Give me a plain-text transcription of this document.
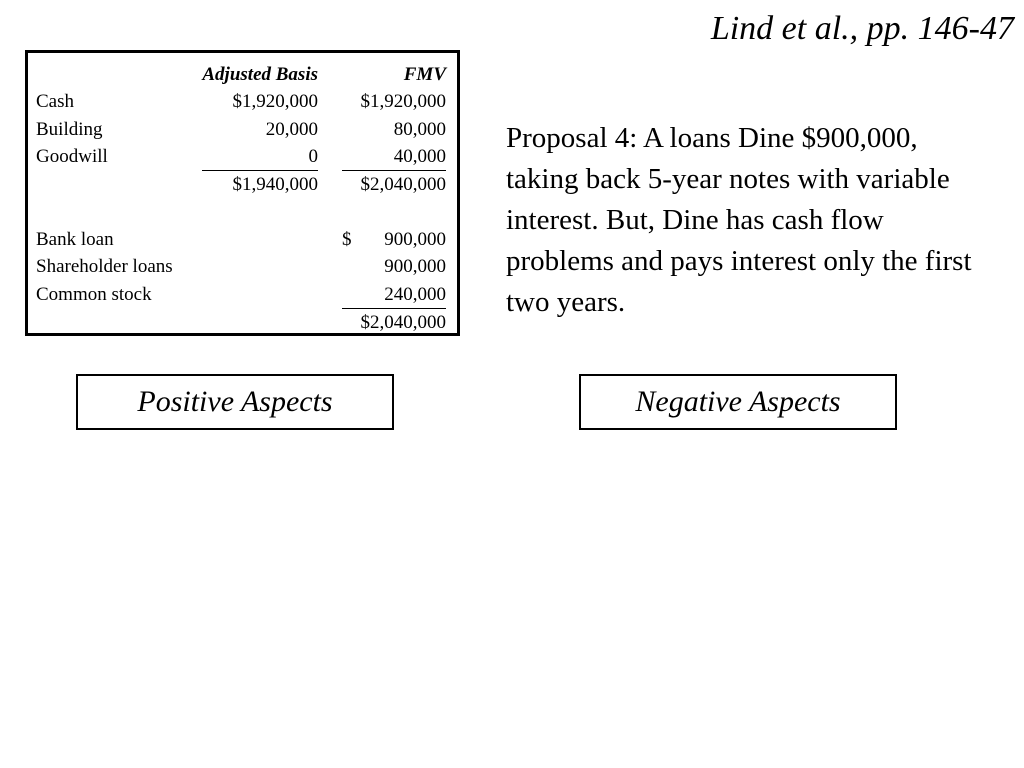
Lind et al., pp. 146-47
	Adjusted Basis		FMV
Cash	$1,920,000		$1,920,000
Building	20,000		80,000
Goodwill	0		40,000
	$1,940,000		$2,040,000

Bank loan			$ 900,000

Shareholder loans			900,000
Common stock			240,000
			$2,040,000
Proposal 4: A loans Dine $900,000, taking back 5-year notes with variable interest. But, Dine has cash flow problems and pays interest only the first two years.
Positive Aspects	Negative Aspects
